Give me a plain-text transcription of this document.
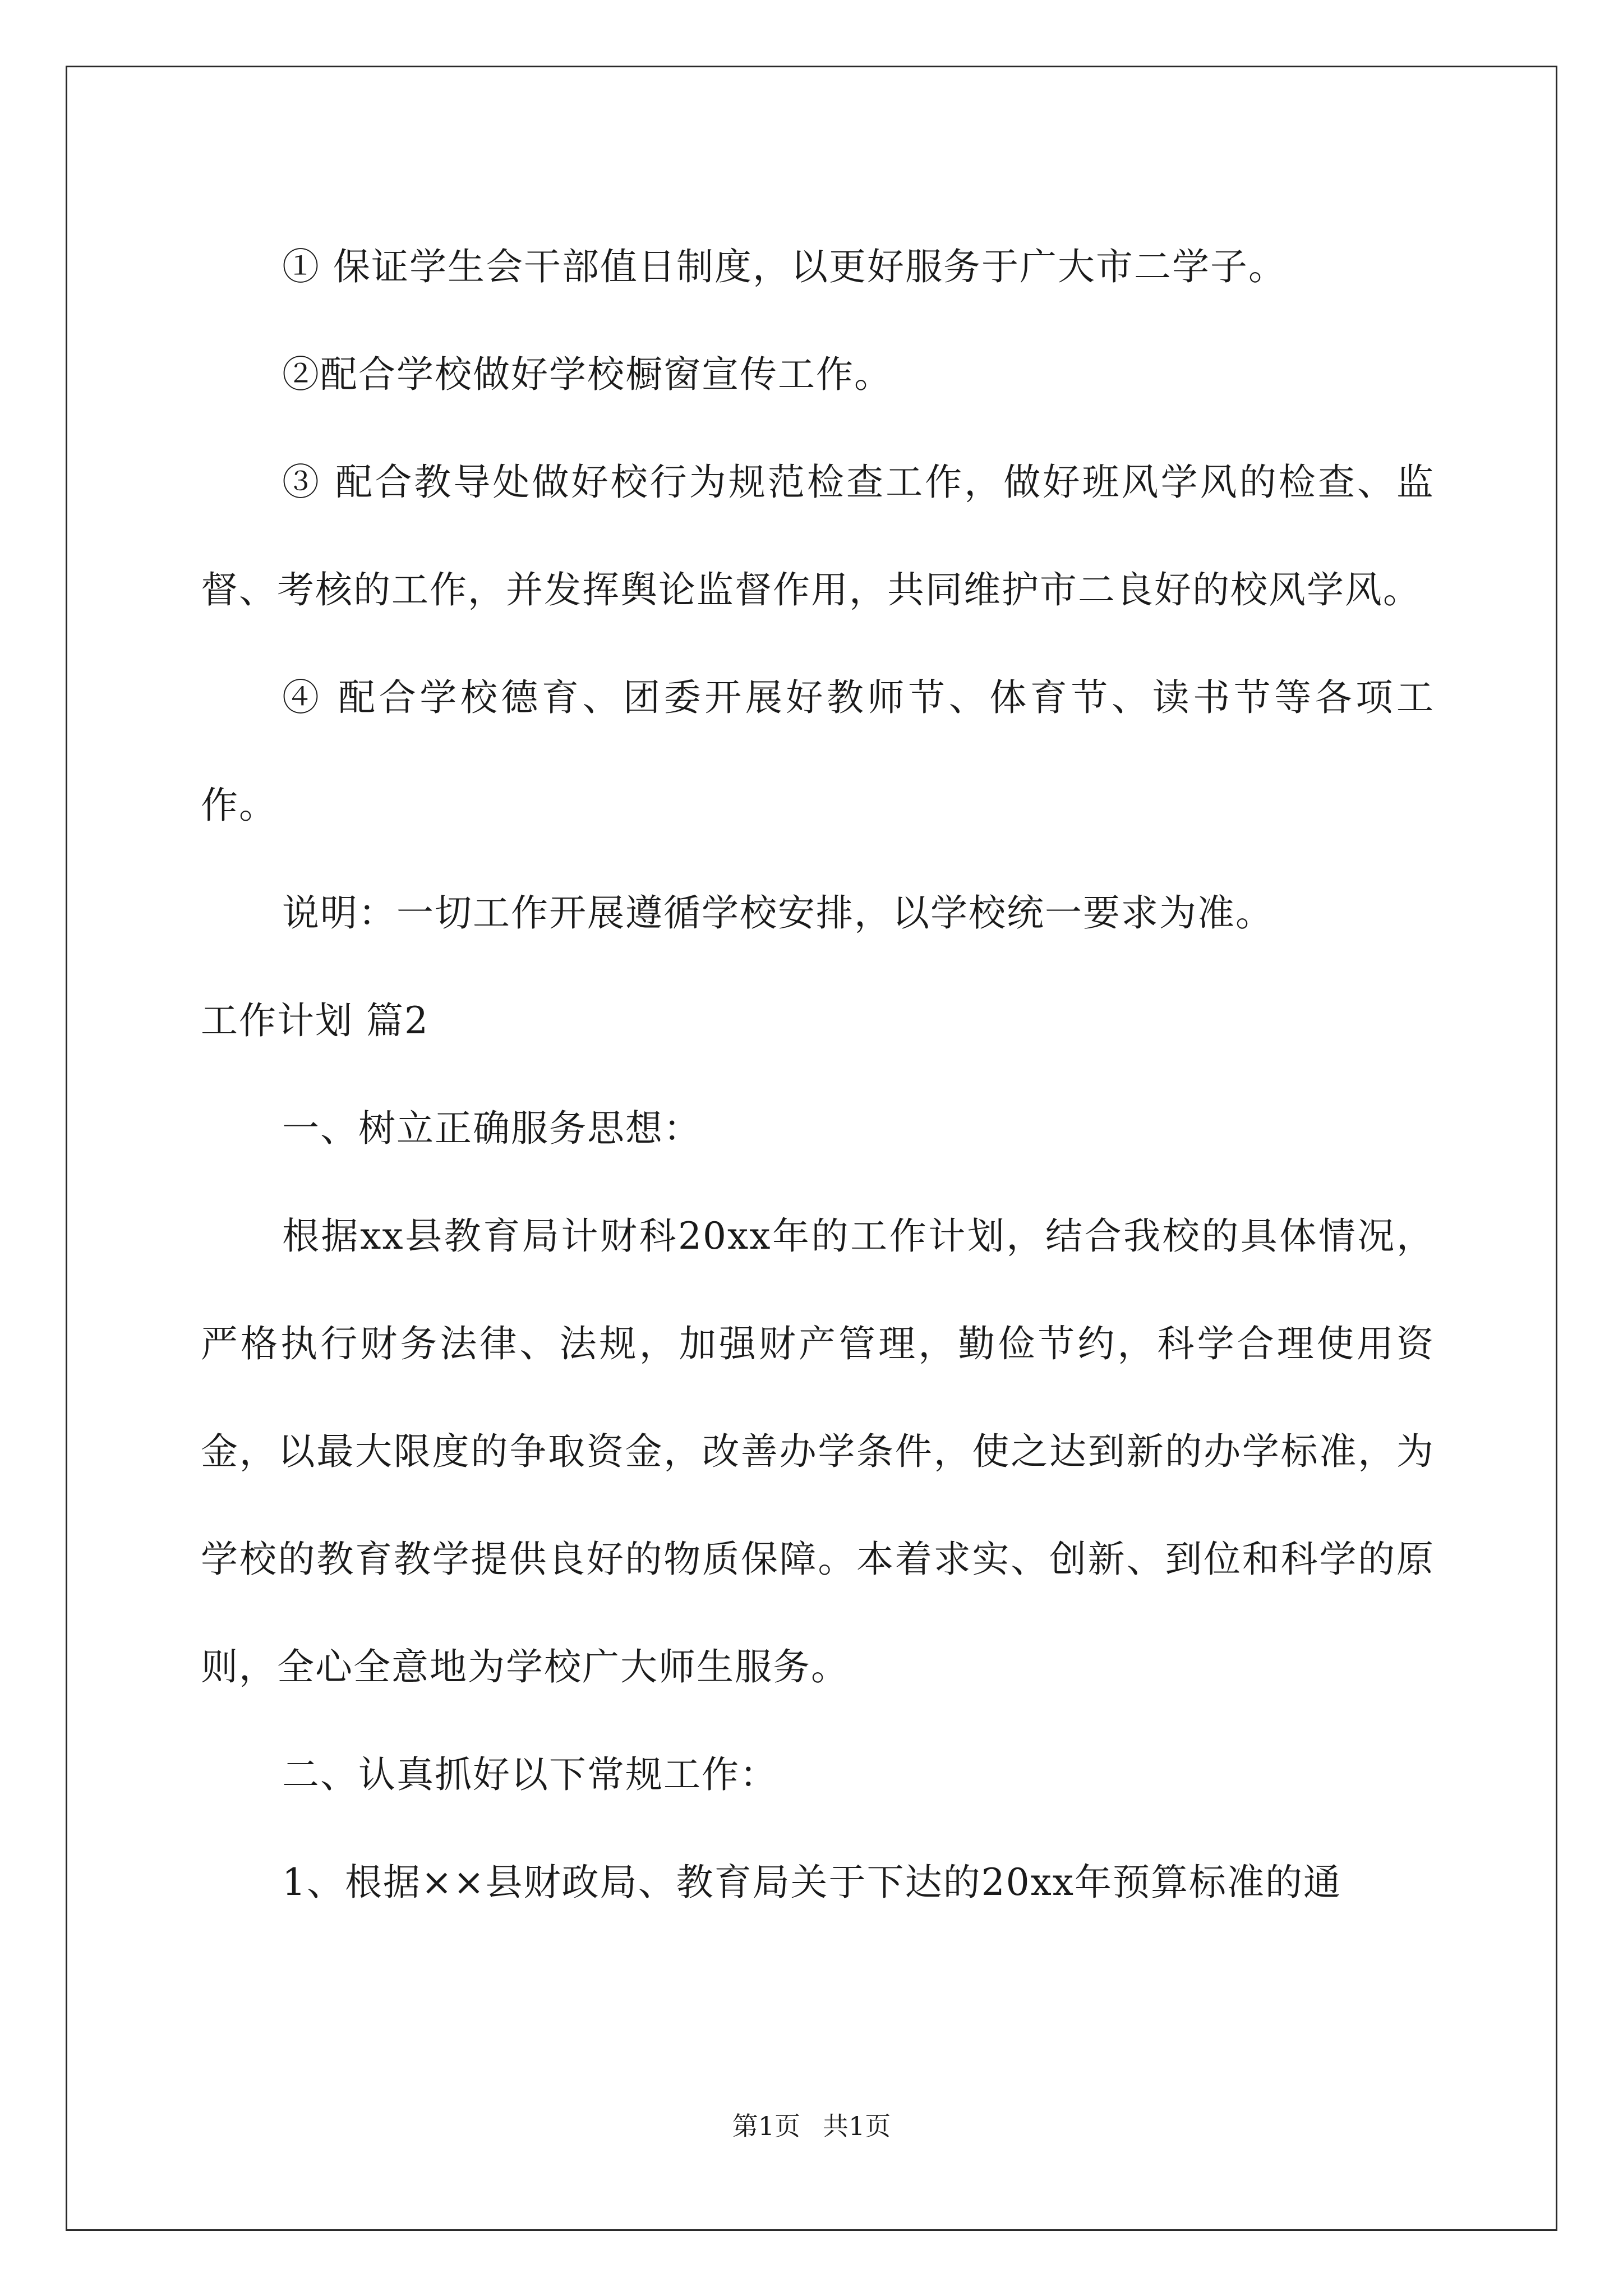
① 保证学生会干部值日制度，以更好服务于广大市二学子。

②配合学校做好学校橱窗宣传工作。

③ 配合教导处做好校行为规范检查工作，做好班风学风的检查、监督、考核的工作，并发挥舆论监督作用，共同维护市二良好的校风学风。

④ 配合学校德育、团委开展好教师节、体育节、读书节等各项工作。

说明：一切工作开展遵循学校安排，以学校统一要求为准。

工作计划 篇2

一、树立正确服务思想：

根据xx县教育局计财科20xx年的工作计划，结合我校的具体情况，严格执行财务法律、法规，加强财产管理，勤俭节约，科学合理使用资金，以最大限度的争取资金，改善办学条件，使之达到新的办学标准，为学校的教育教学提供良好的物质保障。本着求实、创新、到位和科学的原则，全心全意地为学校广大师生服务。

二、认真抓好以下常规工作：

1、根据××县财政局、教育局关于下达的20xx年预算标准的通

第1页 共1页
